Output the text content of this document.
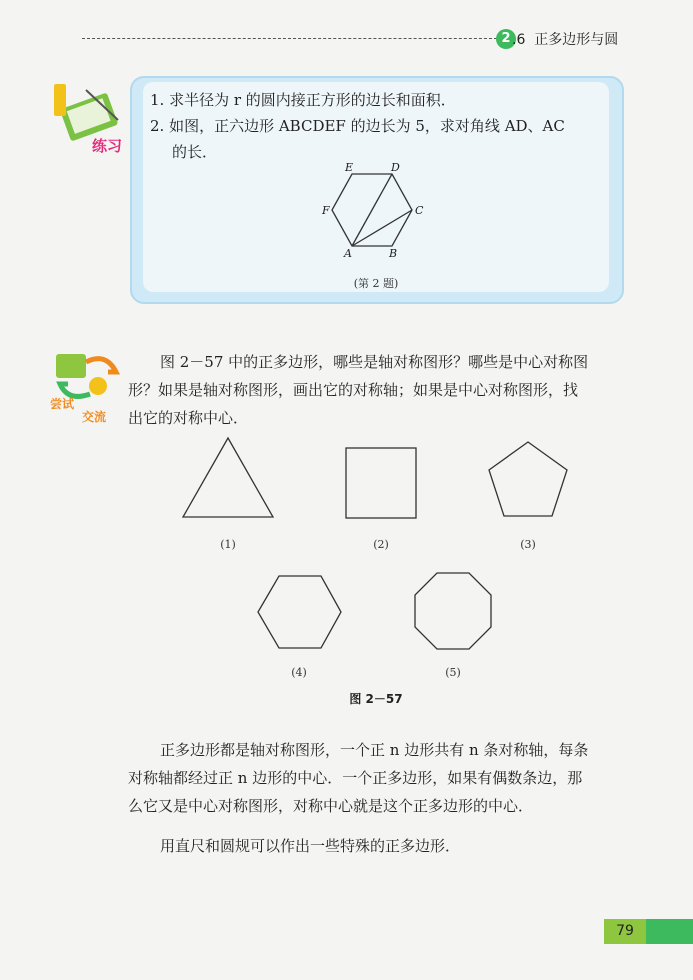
2 .6 正多边形与圆
练习
1. 求半径为 r 的圆内接正方形的边长和面积．
2. 如图，正六边形 ABCDEF 的边长为 5，求对角线 AD、AC
的长．
A	B
C
D
E
F
(第 2 题)
尝试
交流
图 2－57 中的正多边形，哪些是轴对称图形？哪些是中心对称图
形？如果是轴对称图形，画出它的对称轴；如果是中心对称图形，找
出它的对称中心．
(1)	(2)	(3)
(4)	(5)
图 2－57
正多边形都是轴对称图形，一个正 n 边形共有 n 条对称轴，每条
对称轴都经过正 n 边形的中心．一个正多边形，如果有偶数条边，那
么它又是中心对称图形，对称中心就是这个正多边形的中心．
用直尺和圆规可以作出一些特殊的正多边形．
79
